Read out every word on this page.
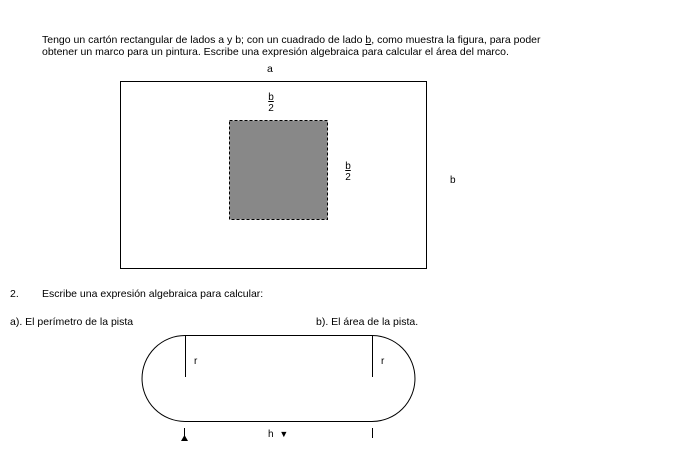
Tengo un cartón rectangular de lados a y b; con un cuadrado de lado b, como muestra la figura, para poder
obtener un marco para un pintura. Escribe una expresión algebraica para calcular el área del marco.
a
$\frac{b}{2}$
$\frac{b}{2}$	b
2. Escribe una expresión algebraica para calcular:
a). El perímetro de la pista	b). El área de la pista.
r	r
h ▼
